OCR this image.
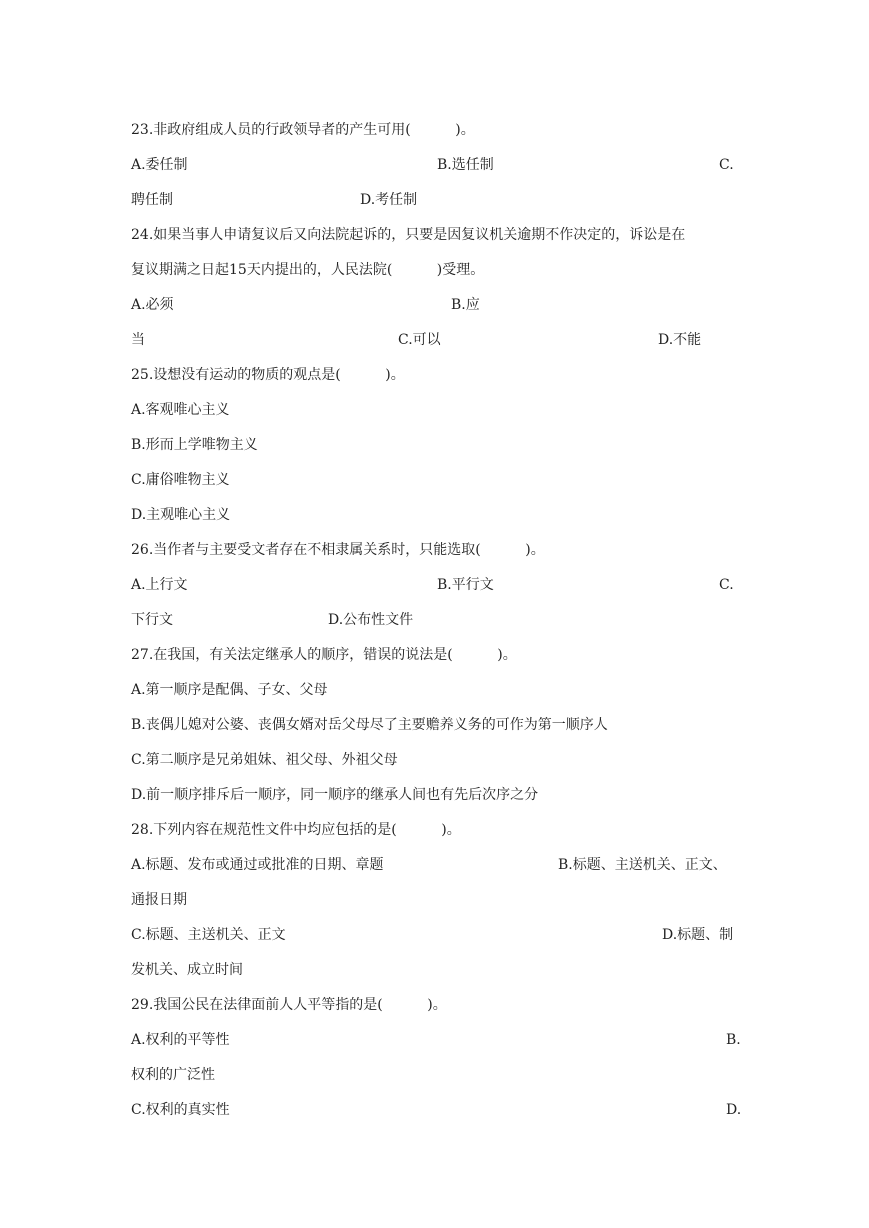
23.非政府组成人员的行政领导者的产生可用(          )。

A.委任制

	B.选任制

	C.

聘任制

	D.考任制

24.如果当事人申请复议后又向法院起诉的，只要是因复议机关逾期不作决定的，诉讼是在

复议期满之日起15天内提出的，人民法院(          )受理。

A.必须

	B.应

当

	C.可以

	D.不能

25.设想没有运动的物质的观点是(          )。

A.客观唯心主义

B.形而上学唯物主义

C.庸俗唯物主义

D.主观唯心主义

26.当作者与主要受文者存在不相隶属关系时，只能选取(          )。

A.上行文

	B.平行文

	C.

下行文

	D.公布性文件

27.在我国，有关法定继承人的顺序，错误的说法是(          )。

A.第一顺序是配偶、子女、父母

B.丧偶儿媳对公婆、丧偶女婿对岳父母尽了主要赡养义务的可作为第一顺序人

C.第二顺序是兄弟姐妹、祖父母、外祖父母

D.前一顺序排斥后一顺序，同一顺序的继承人间也有先后次序之分

28.下列内容在规范性文件中均应包括的是(          )。

A.标题、发布或通过或批准的日期、章题

	B.标题、主送机关、正文、

通报日期

C.标题、主送机关、正文

	D.标题、制

发机关、成立时间

29.我国公民在法律面前人人平等指的是(          )。

A.权利的平等性

	B.

权利的广泛性

C.权利的真实性

	D.
